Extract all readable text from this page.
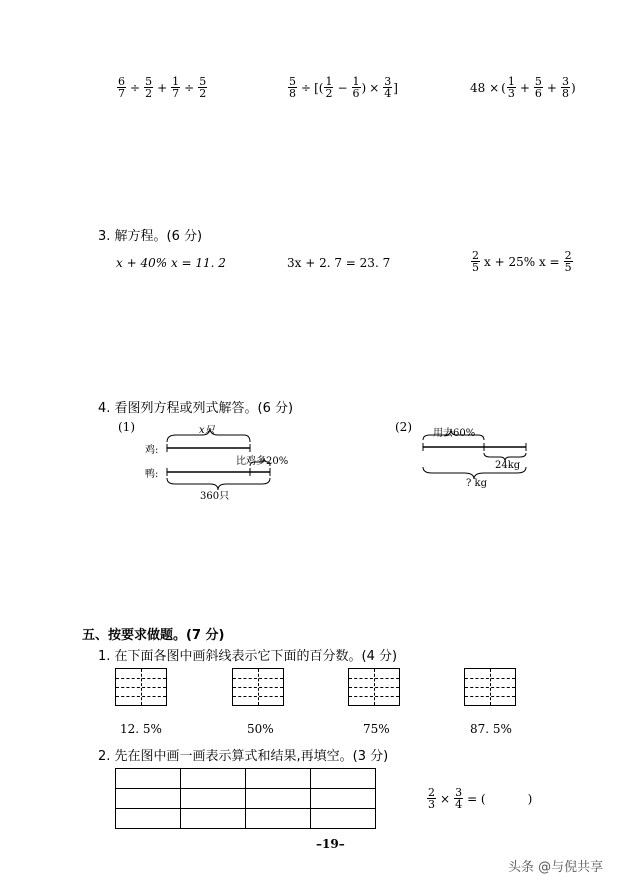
$\frac{6}{7} \div \frac{5}{2} + \frac{1}{7} \div \frac{5}{2}$	$\frac{5}{8}$ ÷ [ ( $\frac{1}{2} - \frac{1}{6}$ ) × $\frac{3}{4}$ ]	48 × ( $\frac{1}{3} + \frac{5}{6} + \frac{3}{8}$ )
3. 解方程。(6 分)
x + 40% x = 11. 2	3x + 2. 7 = 23. 7	$\frac{2}{5}$ x + 25% $x = \frac{2}{5}$
4. 看图列方程或列式解答。(6 分)
(1)	(2)
x只
鸡:
鸭:
比鸡多20%
360只
用去60%
24kg
? kg
五、按要求做题。(7 分)
1. 在下面各图中画斜线表示它下面的百分数。(4 分)
12. 5%	50%	75%	87. 5%
2. 先在图中画一画表示算式和结果,再填空。(3 分)

$\frac{2}{3} \times \frac{3}{4}$ = (	)
–19–
头条 @与倪共享
